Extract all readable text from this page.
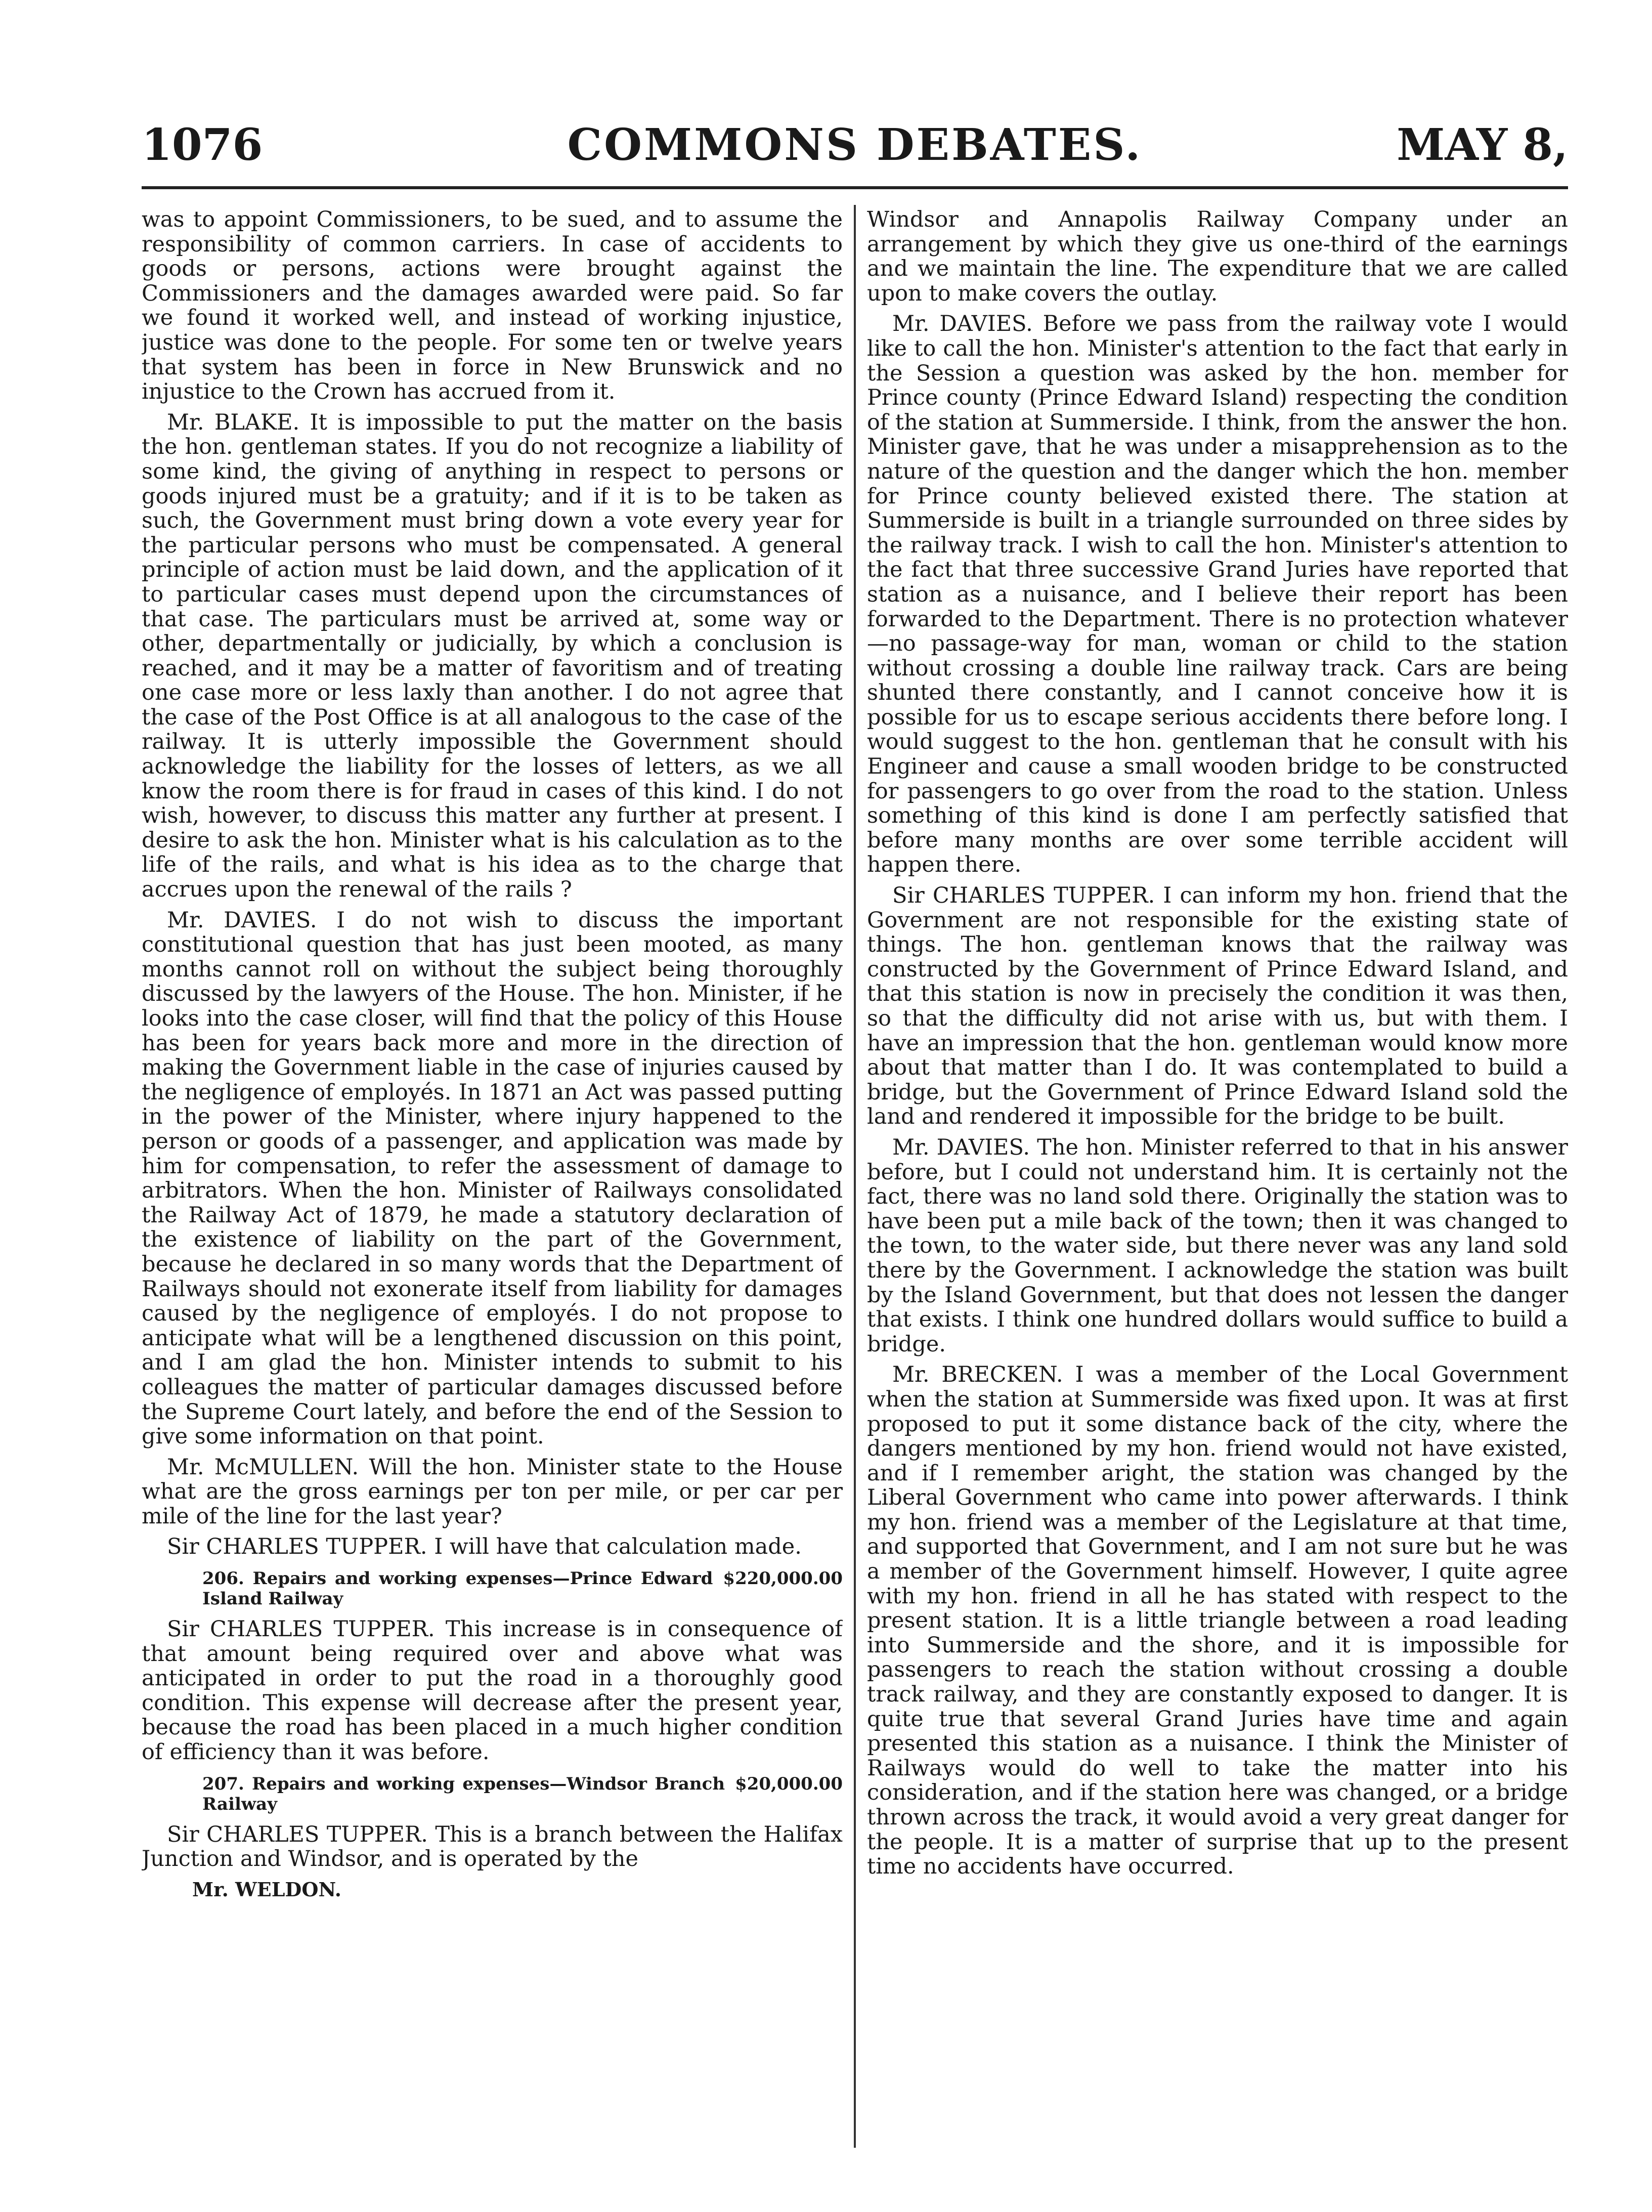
1076	COMMONS DEBATES.	MAY 8,

was to appoint Commissioners, to be sued, and to assume the responsibility of common carriers. In case of accidents to goods or persons, actions were brought against the Commissioners and the damages awarded were paid. So far we found it worked well, and instead of working injustice, justice was done to the people. For some ten or twelve years that system has been in force in New Brunswick and no injustice to the Crown has accrued from it.

Mr. BLAKE. It is impossible to put the matter on the basis the hon. gentleman states. If you do not recognize a liability of some kind, the giving of anything in respect to persons or goods injured must be a gratuity; and if it is to be taken as such, the Government must bring down a vote every year for the particular persons who must be compensated. A general principle of action must be laid down, and the application of it to particular cases must depend upon the circumstances of that case. The particulars must be arrived at, some way or other, departmentally or judicially, by which a conclusion is reached, and it may be a matter of favoritism and of treating one case more or less laxly than another. I do not agree that the case of the Post Office is at all analogous to the case of the railway. It is utterly impossible the Government should acknowledge the liability for the losses of letters, as we all know the room there is for fraud in cases of this kind. I do not wish, however, to discuss this matter any further at present. I desire to ask the hon. Minister what is his calculation as to the life of the rails, and what is his idea as to the charge that accrues upon the renewal of the rails ?

Mr. DAVIES. I do not wish to discuss the important constitutional question that has just been mooted, as many months cannot roll on without the subject being thoroughly discussed by the lawyers of the House. The hon. Minister, if he looks into the case closer, will find that the policy of this House has been for years back more and more in the direction of making the Government liable in the case of injuries caused by the negligence of employés. In 1871 an Act was passed putting in the power of the Minister, where injury happened to the person or goods of a passenger, and application was made by him for compensation, to refer the assessment of damage to arbitrators. When the hon. Minister of Railways consolidated the Railway Act of 1879, he made a statutory declaration of the existence of liability on the part of the Government, because he declared in so many words that the Department of Railways should not exonerate itself from liability for damages caused by the negligence of employés. I do not propose to anticipate what will be a lengthened discussion on this point, and I am glad the hon. Minister intends to submit to his colleagues the matter of particular damages discussed before the Supreme Court lately, and before the end of the Session to give some information on that point.

Mr. McMULLEN. Will the hon. Minister state to the House what are the gross earnings per ton per mile, or per car per mile of the line for the last year?

Sir CHARLES TUPPER. I will have that calculation made.

206. Repairs and working expenses—Prince Edward Island Railway
$220,000.00

Sir CHARLES TUPPER. This increase is in consequence of that amount being required over and above what was anticipated in order to put the road in a thoroughly good condition. This expense will decrease after the present year, because the road has been placed in a much higher condition of efficiency than it was before.

207. Repairs and working expenses—Windsor Branch Railway
$20,000.00

Sir CHARLES TUPPER. This is a branch between the Halifax Junction and Windsor, and is operated by the

Mr. WELDON.

Windsor and Annapolis Railway Company under an arrangement by which they give us one-third of the earnings and we maintain the line. The expenditure that we are called upon to make covers the outlay.

Mr. DAVIES. Before we pass from the railway vote I would like to call the hon. Minister's attention to the fact that early in the Session a question was asked by the hon. member for Prince county (Prince Edward Island) respecting the condition of the station at Summerside. I think, from the answer the hon. Minister gave, that he was under a misapprehension as to the nature of the question and the danger which the hon. member for Prince county believed existed there. The station at Summerside is built in a triangle surrounded on three sides by the railway track. I wish to call the hon. Minister's attention to the fact that three successive Grand Juries have reported that station as a nuisance, and I believe their report has been forwarded to the Department. There is no protection whatever—no passage-way for man, woman or child to the station without crossing a double line railway track. Cars are being shunted there constantly, and I cannot conceive how it is possible for us to escape serious accidents there before long. I would suggest to the hon. gentleman that he consult with his Engineer and cause a small wooden bridge to be constructed for passengers to go over from the road to the station. Unless something of this kind is done I am perfectly satisfied that before many months are over some terrible accident will happen there.

Sir CHARLES TUPPER. I can inform my hon. friend that the Government are not responsible for the existing state of things. The hon. gentleman knows that the railway was constructed by the Government of Prince Edward Island, and that this station is now in precisely the condition it was then, so that the difficulty did not arise with us, but with them. I have an impression that the hon. gentleman would know more about that matter than I do. It was contemplated to build a bridge, but the Government of Prince Edward Island sold the land and rendered it impossible for the bridge to be built.

Mr. DAVIES. The hon. Minister referred to that in his answer before, but I could not understand him. It is certainly not the fact, there was no land sold there. Originally the station was to have been put a mile back of the town; then it was changed to the town, to the water side, but there never was any land sold there by the Government. I acknowledge the station was built by the Island Government, but that does not lessen the danger that exists. I think one hundred dollars would suffice to build a bridge.

Mr. BRECKEN. I was a member of the Local Government when the station at Summerside was fixed upon. It was at first proposed to put it some distance back of the city, where the dangers mentioned by my hon. friend would not have existed, and if I remember aright, the station was changed by the Liberal Government who came into power afterwards. I think my hon. friend was a member of the Legislature at that time, and supported that Government, and I am not sure but he was a member of the Government himself. However, I quite agree with my hon. friend in all he has stated with respect to the present station. It is a little triangle between a road leading into Summerside and the shore, and it is impossible for passengers to reach the station without crossing a double track railway, and they are constantly exposed to danger. It is quite true that several Grand Juries have time and again presented this station as a nuisance. I think the Minister of Railways would do well to take the matter into his consideration, and if the station here was changed, or a bridge thrown across the track, it would avoid a very great danger for the people. It is a matter of surprise that up to the present time no accidents have occurred.
